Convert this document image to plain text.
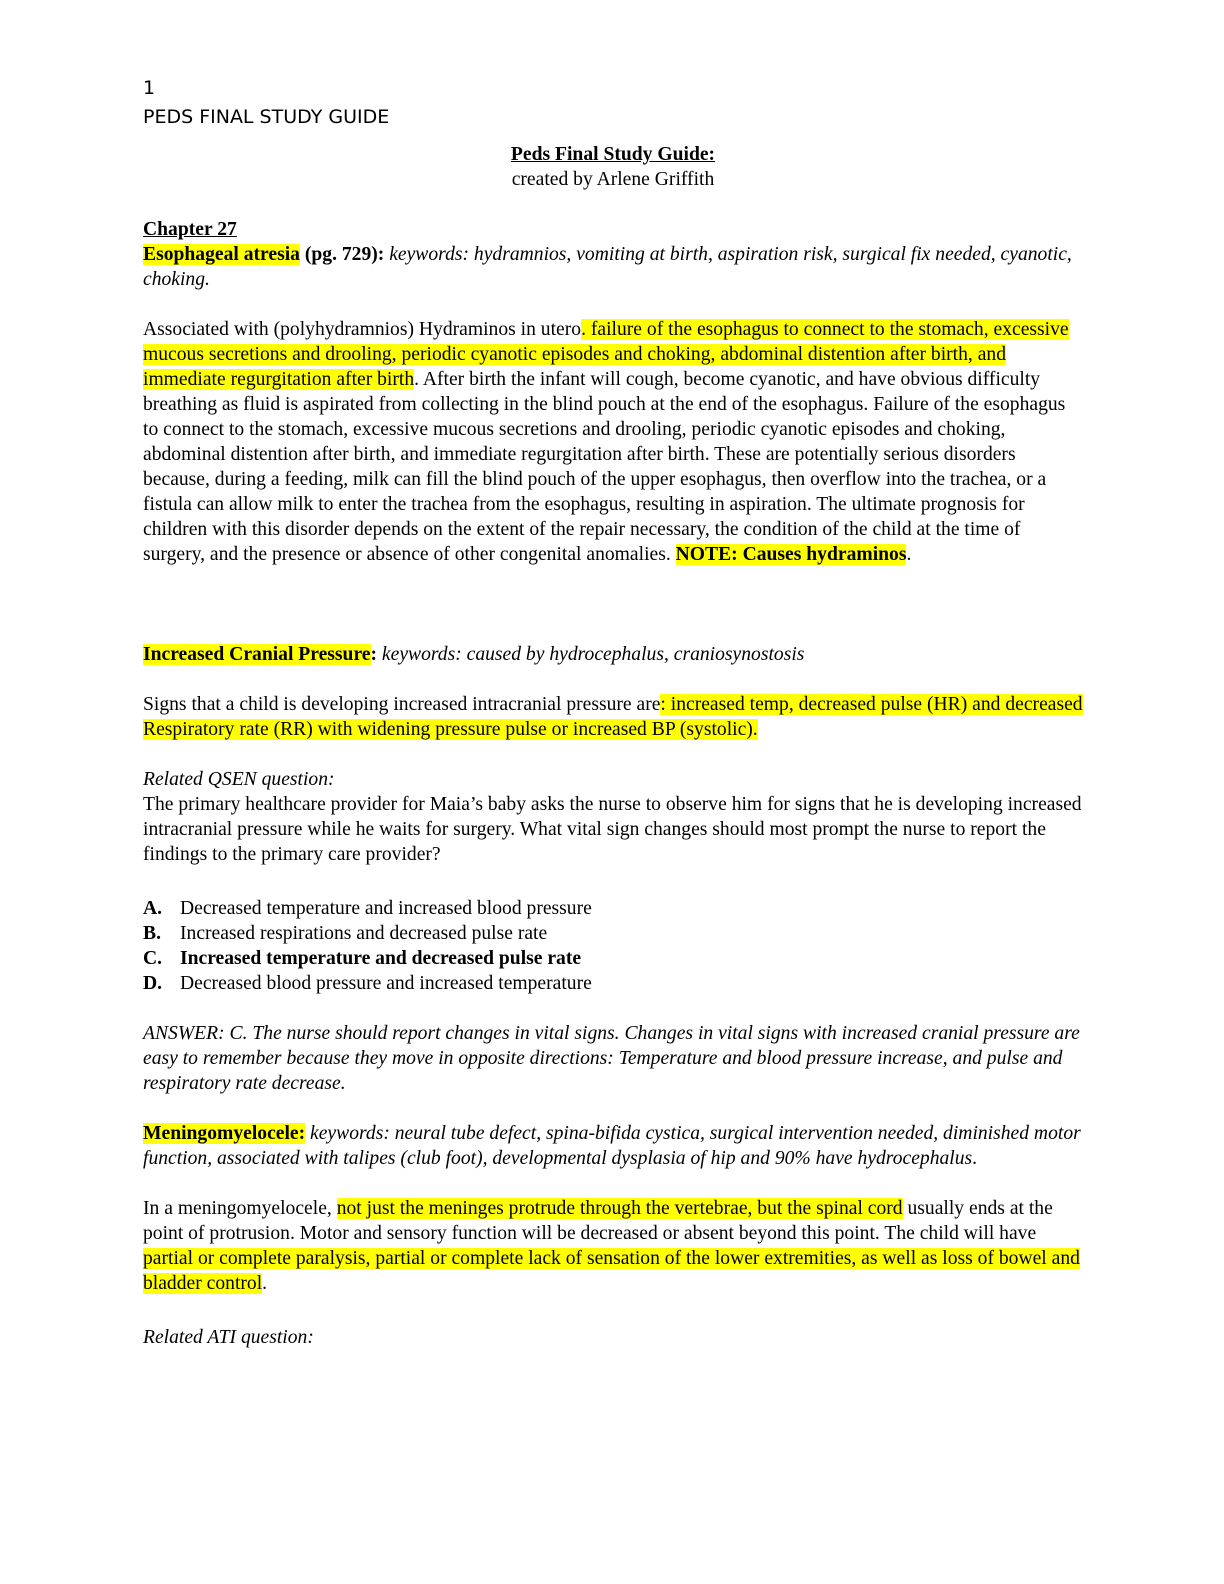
1
PEDS FINAL STUDY GUIDE

Peds Final Study Guide:

created by Arlene Griffith

Chapter 27

Esophageal atresia (pg. 729): keywords: hydramnios, vomiting at birth, aspiration risk, surgical fix needed, cyanotic, choking.

Associated with (polyhydramnios) Hydraminos in utero. failure of the esophagus to connect to the stomach, excessive mucous secretions and drooling, periodic cyanotic episodes and choking, abdominal distention after birth, and immediate regurgitation after birth. After birth the infant will cough, become cyanotic, and have obvious difficulty breathing as fluid is aspirated from collecting in the blind pouch at the end of the esophagus. Failure of the esophagus to connect to the stomach, excessive mucous secretions and drooling, periodic cyanotic episodes and choking, abdominal distention after birth, and immediate regurgitation after birth. These are potentially serious disorders because, during a feeding, milk can fill the blind pouch of the upper esophagus, then overflow into the trachea, or a fistula can allow milk to enter the trachea from the esophagus, resulting in aspiration. The ultimate prognosis for children with this disorder depends on the extent of the repair necessary, the condition of the child at the time of surgery, and the presence or absence of other congenital anomalies. NOTE: Causes hydraminos.

Increased Cranial Pressure: keywords: caused by hydrocephalus, craniosynostosis

Signs that a child is developing increased intracranial pressure are: increased temp, decreased pulse (HR) and decreased Respiratory rate (RR) with widening pressure pulse or increased BP (systolic).

Related QSEN question:

The primary healthcare provider for Maia’s baby asks the nurse to observe him for signs that he is developing increased intracranial pressure while he waits for surgery. What vital sign changes should most prompt the nurse to report the findings to the primary care provider?

A. Decreased temperature and increased blood pressure
B. Increased respirations and decreased pulse rate
C. Increased temperature and decreased pulse rate
D. Decreased blood pressure and increased temperature

ANSWER: C. The nurse should report changes in vital signs. Changes in vital signs with increased cranial pressure are easy to remember because they move in opposite directions: Temperature and blood pressure increase, and pulse and respiratory rate decrease.

Meningomyelocele: keywords: neural tube defect, spina-bifida cystica, surgical intervention needed, diminished motor function, associated with talipes (club foot), developmental dysplasia of hip and 90% have hydrocephalus.

In a meningomyelocele, not just the meninges protrude through the vertebrae, but the spinal cord usually ends at the point of protrusion. Motor and sensory function will be decreased or absent beyond this point. The child will have partial or complete paralysis, partial or complete lack of sensation of the lower extremities, as well as loss of bowel and bladder control.

Related ATI question:
